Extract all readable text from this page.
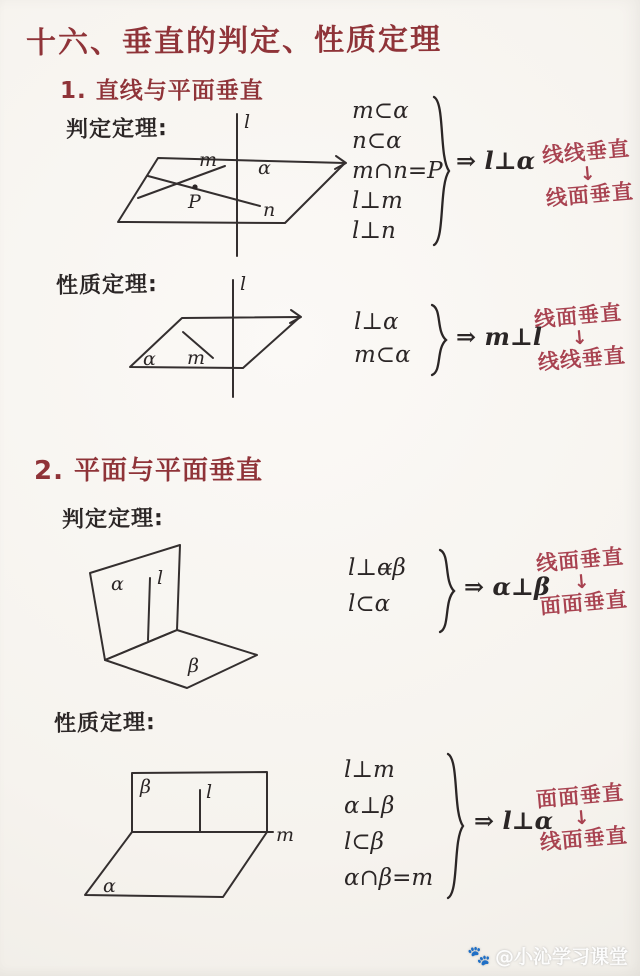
十六、垂直的判定、性质定理
1. 直线与平面垂直
判定定理:	l
m
n
P
α
m⊂α
n⊂α
m∩n=P
l⊥m
l⊥n
⇒ l⊥α 线线垂直
↓
线面垂直
性质定理:	l
m
α
l⊥α
m⊂α
⇒ m⊥l
线面垂直
↓
线线垂直
2. 平面与平面垂直
判定定理:
α l
β
l⊥α̶β
l⊂α
⇒ α⊥β
线面垂直
↓
面面垂直
性质定理:
β	l
m
α
l⊥m
α⊥β
l⊂β
α∩β=m
⇒ l⊥α
面面垂直
↓
线面垂直
🐾 @小沁学习课堂
